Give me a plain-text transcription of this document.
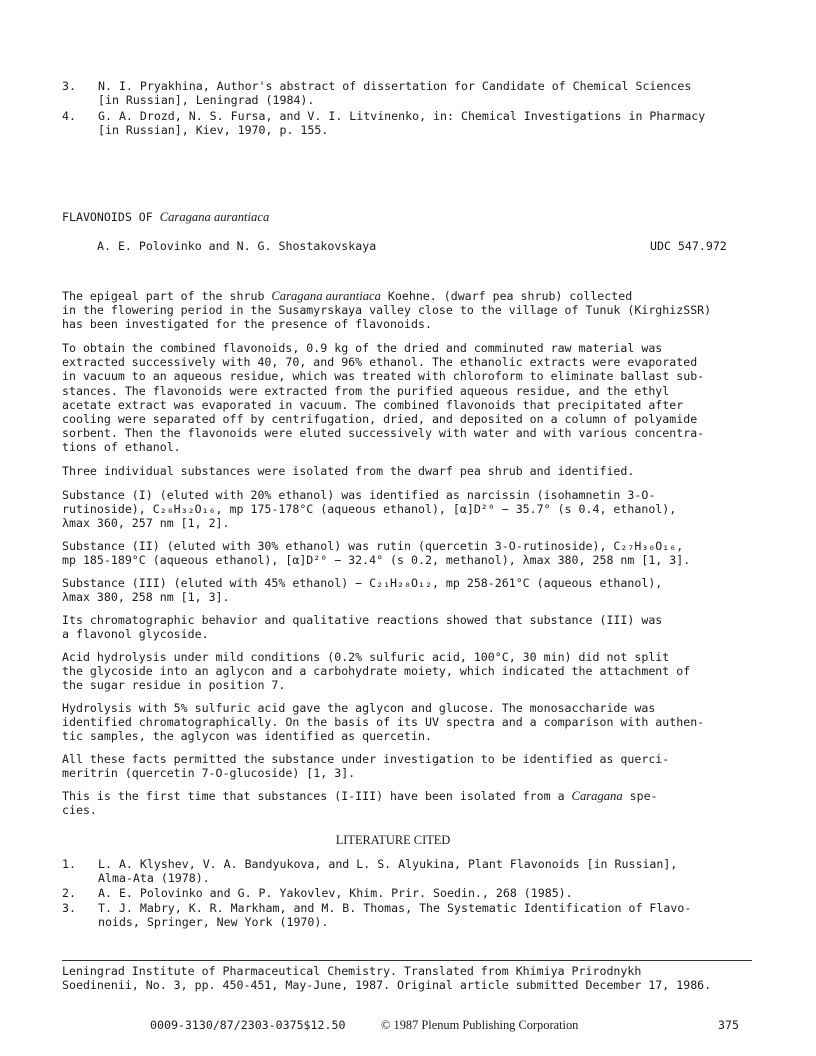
3. N. I. Pryakhina, Author's abstract of dissertation for Candidate of Chemical Sciences
[in Russian], Leningrad (1984).
4. G. A. Drozd, N. S. Fursa, and V. I. Litvinenko, in: Chemical Investigations in Pharmacy
[in Russian], Kiev, 1970, p. 155.
FLAVONOIDS OF Caragana aurantiaca
A. E. Polovinko and N. G. Shostakovskaya	UDC 547.972
The epigeal part of the shrub Caragana aurantiaca Koehne. (dwarf pea shrub) collected
in the flowering period in the Susamyrskaya valley close to the village of Tunuk (KirghizSSR)
has been investigated for the presence of flavonoids.
To obtain the combined flavonoids, 0.9 kg of the dried and comminuted raw material was
extracted successively with 40, 70, and 96% ethanol. The ethanolic extracts were evaporated
in vacuum to an aqueous residue, which was treated with chloroform to eliminate ballast sub-
stances. The flavonoids were extracted from the purified aqueous residue, and the ethyl
acetate extract was evaporated in vacuum. The combined flavonoids that precipitated after
cooling were separated off by centrifugation, dried, and deposited on a column of polyamide
sorbent. Then the flavonoids were eluted successively with water and with various concentra-
tions of ethanol.
Three individual substances were isolated from the dwarf pea shrub and identified.
Substance (I) (eluted with 20% ethanol) was identified as narcissin (isohamnetin 3-O-
rutinoside), C₂₈H₃₂O₁₆, mp 175-178°C (aqueous ethanol), [α]D²⁰ − 35.7° (s 0.4, ethanol),
λmax 360, 257 nm [1, 2].
Substance (II) (eluted with 30% ethanol) was rutin (quercetin 3-O-rutinoside), C₂₇H₃₀O₁₆,
mp 185-189°C (aqueous ethanol), [α]D²⁰ − 32.4° (s 0.2, methanol), λmax 380, 258 nm [1, 3].
Substance (III) (eluted with 45% ethanol) − C₂₁H₂₀O₁₂, mp 258-261°C (aqueous ethanol),
λmax 380, 258 nm [1, 3].
Its chromatographic behavior and qualitative reactions showed that substance (III) was
a flavonol glycoside.
Acid hydrolysis under mild conditions (0.2% sulfuric acid, 100°C, 30 min) did not split
the glycoside into an aglycon and a carbohydrate moiety, which indicated the attachment of
the sugar residue in position 7.
Hydrolysis with 5% sulfuric acid gave the aglycon and glucose. The monosaccharide was
identified chromatographically. On the basis of its UV spectra and a comparison with authen-
tic samples, the aglycon was identified as quercetin.
All these facts permitted the substance under investigation to be identified as querci-
meritrin (quercetin 7-O-glucoside) [1, 3].
This is the first time that substances (I-III) have been isolated from a Caragana spe-
cies.
LITERATURE CITED
1. L. A. Klyshev, V. A. Bandyukova, and L. S. Alyukina, Plant Flavonoids [in Russian],
Alma-Ata (1978).
2. A. E. Polovinko and G. P. Yakovlev, Khim. Prir. Soedin., 268 (1985).
3. T. J. Mabry, K. R. Markham, and M. B. Thomas, The Systematic Identification of Flavo-
noids, Springer, New York (1970).
Leningrad Institute of Pharmaceutical Chemistry. Translated from Khimiya Prirodnykh
Soedinenii, No. 3, pp. 450-451, May-June, 1987. Original article submitted December 17, 1986.
0009-3130/87/2303-0375$12.50	© 1987 Plenum Publishing Corporation	375
